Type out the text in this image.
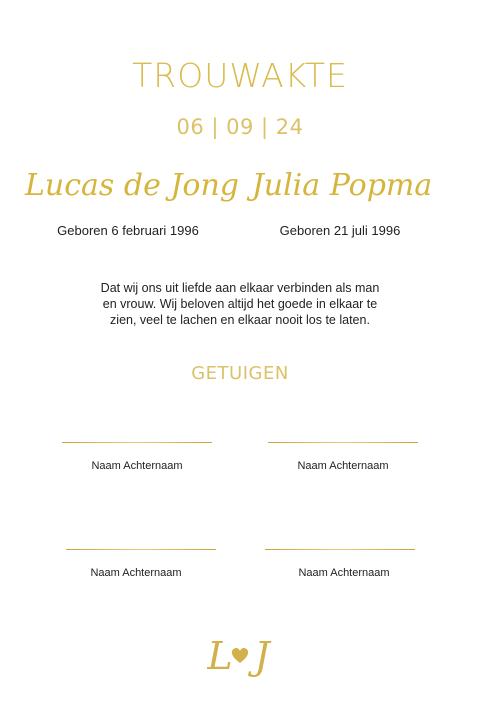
TROUWAKTE
06 | 09 | 24
Lucas de Jong Julia Popma
Geboren 6 februari 1996	Geboren 21 juli 1996
Dat wij ons uit liefde aan elkaar verbinden als man
en vrouw. Wij beloven altijd het goede in elkaar te
zien, veel te lachen en elkaar nooit los te laten.
GETUIGEN
Naam Achternaam	Naam Achternaam
Naam Achternaam	Naam Achternaam
L J
